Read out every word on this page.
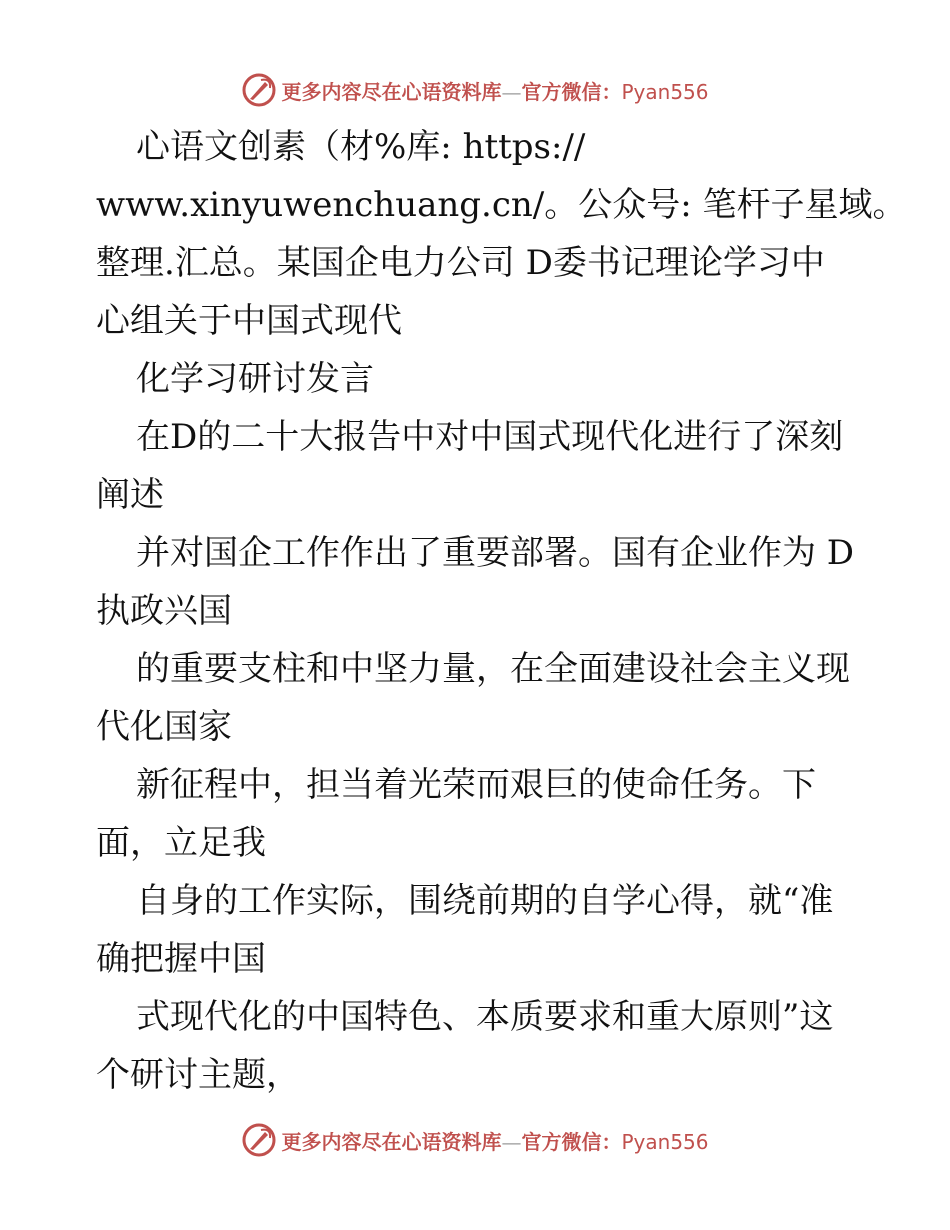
更多内容尽在心语资料库—官方微信：Pyan556
心语文创素（材%库: https://
www.xinyuwenchuang.cn/。公众号: 笔杆子星域。
整理.汇总。某国企电力公司 D委书记理论学习中
心组关于中国式现代
化学习研讨发言
在D的二十大报告中对中国式现代化进行了深刻
阐述
并对国企工作作出了重要部署。国有企业作为 D
执政兴国
的重要支柱和中坚力量，在全面建设社会主义现
代化国家
新征程中，担当着光荣而艰巨的使命任务。下
面，立足我
自身的工作实际，围绕前期的自学心得，就“准
确把握中国
式现代化的中国特色、本质要求和重大原则”这
个研讨主题，
更多内容尽在心语资料库—官方微信：Pyan556
